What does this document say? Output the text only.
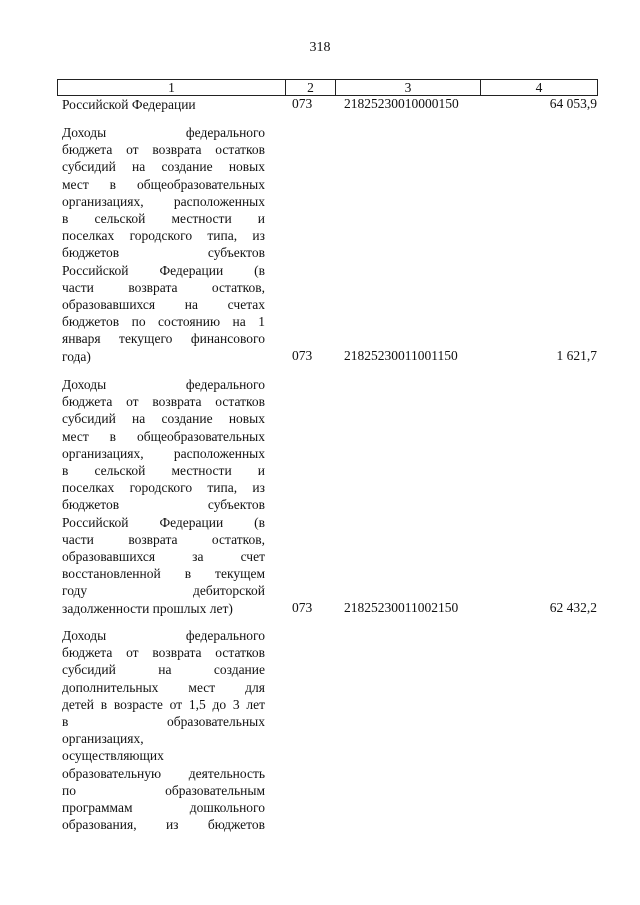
318
1	2	3	4
Российской Федерации	073	21825230010000150	64 053,9
Доходы федерального
бюджета от возврата остатков
субсидий на создание новых
мест в общеобразовательных
организациях, расположенных
в сельской местности и
поселках городского типа, из
бюджетов субъектов
Российской Федерации (в
части возврата остатков,
образовавшихся на счетах
бюджетов по состоянию на 1
января текущего финансового
года)	073	21825230011001150	1 621,7
Доходы федерального
бюджета от возврата остатков
субсидий на создание новых
мест в общеобразовательных
организациях, расположенных
в сельской местности и
поселках городского типа, из
бюджетов субъектов
Российской Федерации (в
части возврата остатков,
образовавшихся за счет
восстановленной в текущем
году дебиторской
задолженности прошлых лет)	073	21825230011002150	62 432,2
Доходы федерального
бюджета от возврата остатков
субсидий на создание
дополнительных мест для
детей в возрасте от 1,5 до 3 лет
в образовательных
организациях,
осуществляющих
образовательную деятельность
по образовательным
программам дошкольного
образования, из бюджетов
